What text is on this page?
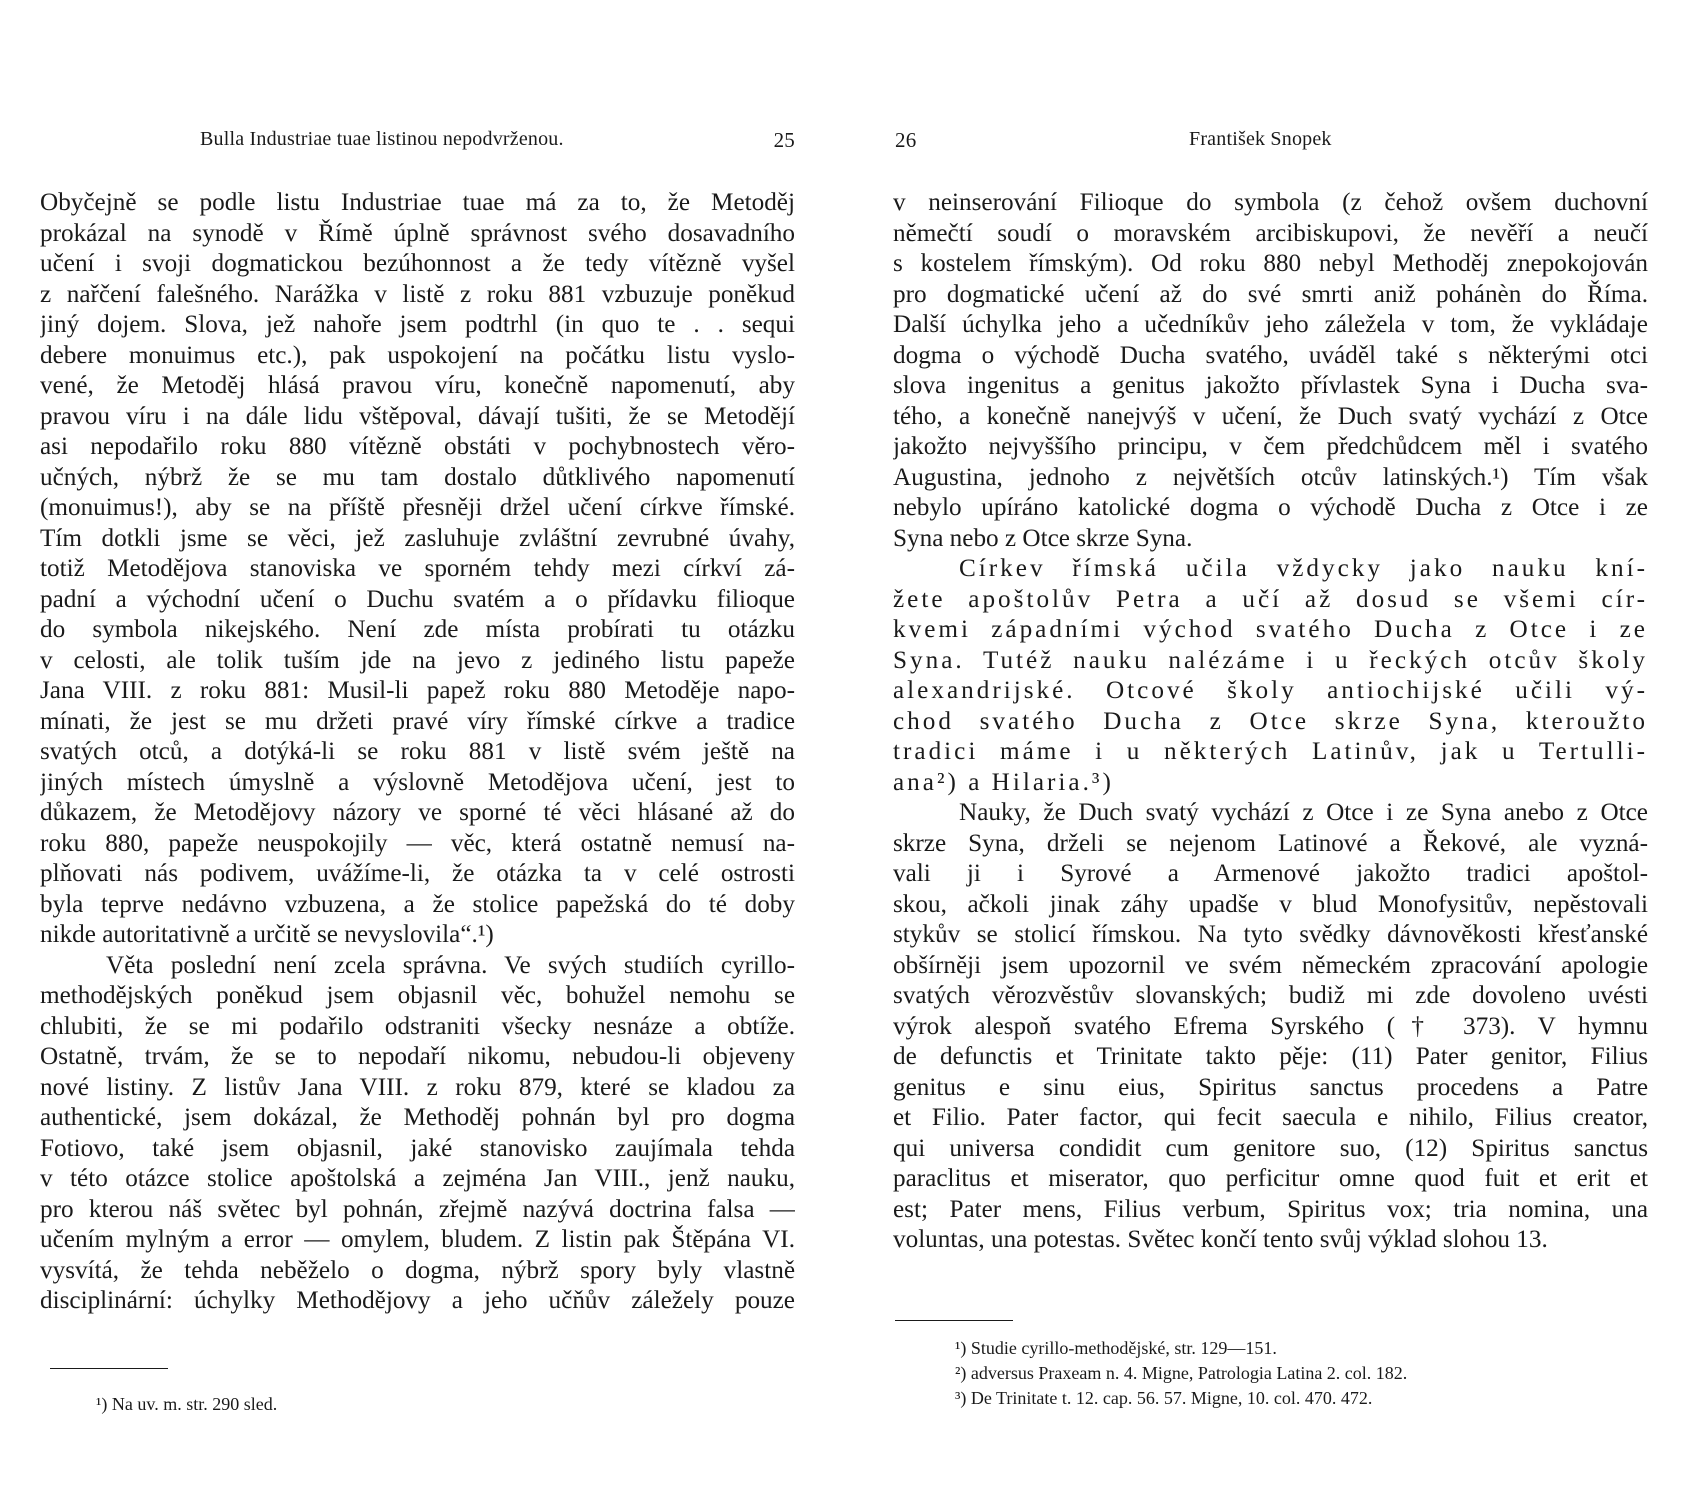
Bulla Industriae tuae listinou nepodvrženou.	25
Obyčejně se podle listu Industriae tuae má za to, že Metoděj
prokázal na synodě v Římě úplně správnost svého dosavadního
učení i svoji dogmatickou bezúhonnost a že tedy vítězně vyšel
z nařčení falešného. Narážka v listě z roku 881 vzbuzuje poněkud
jiný dojem. Slova, jež nahoře jsem podtrhl (in quo te . . sequi
debere monuimus etc.), pak uspokojení na počátku listu vyslo-
vené, že Metoděj hlásá pravou víru, konečně napomenutí, aby
pravou víru i na dále lidu vštěpoval, dávají tušiti, že se Metodějí
asi nepodařilo roku 880 vítězně obstáti v pochybnostech věro-
učných, nýbrž že se mu tam dostalo důtklivého napomenutí
(monuimus!), aby se na příště přesněji držel učení církve římské.
Tím dotkli jsme se věci, jež zasluhuje zvláštní zevrubné úvahy,
totiž Metodějova stanoviska ve sporném tehdy mezi církví zá-
padní a východní učení o Duchu svatém a o přídavku filioque
do symbola nikejského. Není zde místa probírati tu otázku
v celosti, ale tolik tuším jde na jevo z jediného listu papeže
Jana VIII. z roku 881: Musil-li papež roku 880 Metoděje napo-
mínati, že jest se mu držeti pravé víry římské církve a tradice
svatých otců, a dotýká-li se roku 881 v listě svém ještě na
jiných místech úmyslně a výslovně Metodějova učení, jest to
důkazem, že Metodějovy názory ve sporné té věci hlásané až do
roku 880, papeže neuspokojily — věc, která ostatně nemusí na-
plňovati nás podivem, uvážíme-li, že otázka ta v celé ostrosti
byla teprve nedávno vzbuzena, a že stolice papežská do té doby
nikde autoritativně a určitě se nevyslovila“.¹)
Věta poslední není zcela správna. Ve svých studiích cyrillo-
methodějských poněkud jsem objasnil věc, bohužel nemohu se
chlubiti, že se mi podařilo odstraniti všecky nesnáze a obtíže.
Ostatně, trvám, že se to nepodaří nikomu, nebudou-li objeveny
nové listiny. Z listův Jana VIII. z roku 879, které se kladou za
authentické, jsem dokázal, že Methoděj pohnán byl pro dogma
Fotiovo, také jsem objasnil, jaké stanovisko zaujímala tehda
v této otázce stolice apoštolská a zejména Jan VIII., jenž nauku,
pro kterou náš světec byl pohnán, zřejmě nazývá doctrina falsa —
učením mylným a error — omylem, bludem. Z listin pak Štěpána VI.
vysvítá, že tehda neběželo o dogma, nýbrž spory byly vlastně
disciplinární: úchylky Methodějovy a jeho učňův záležely pouze
¹) Na uv. m. str. 290 sled.
26	František Snopek
v neinserování Filioque do symbola (z čehož ovšem duchovní
němečtí soudí o moravském arcibiskupovi, že nevěří a neučí
s kostelem římským). Od roku 880 nebyl Methoděj znepokojován
pro dogmatické učení až do své smrti aniž pohánèn do Říma.
Další úchylka jeho a učedníkův jeho záležela v tom, že vykládaje
dogma o východě Ducha svatého, uváděl také s některými otci
slova ingenitus a genitus jakožto přívlastek Syna i Ducha sva-
tého, a konečně nanejvýš v učení, že Duch svatý vychází z Otce
jakožto nejvyššího principu, v čem předchůdcem měl i svatého
Augustina, jednoho z největších otcův latinských.¹) Tím však
nebylo upíráno katolické dogma o východě Ducha z Otce i ze
Syna nebo z Otce skrze Syna.
Církev římská učila vždycky jako nauku kní-
žete apoštolův Petra a učí až dosud se všemi cír-
kvemi západními východ svatého Ducha z Otce i ze
Syna. Tutéž nauku nalézáme i u řeckých otcův školy
alexandrijské. Otcové školy antiochijské učili vý-
chod svatého Ducha z Otce skrze Syna, kteroužto
tradici máme i u některých Latinův, jak u Tertulli-
ana²) a Hilaria.³)
Nauky, že Duch svatý vychází z Otce i ze Syna anebo z Otce
skrze Syna, drželi se nejenom Latinové a Řekové, ale vyzná-
vali ji i Syrové a Armenové jakožto tradici apoštol-
skou, ačkoli jinak záhy upadše v blud Monofysitův, nepěstovali
stykův se stolicí římskou. Na tyto svědky dávnověkosti křesťanské
obšírněji jsem upozornil ve svém německém zpracování apologie
svatých věrozvěstův slovanských; budiž mi zde dovoleno uvésti
výrok alespoň svatého Efrema Syrského († 373). V hymnu
de defunctis et Trinitate takto pěje: (11) Pater genitor, Filius
genitus e sinu eius, Spiritus sanctus procedens a Patre
et Filio. Pater factor, qui fecit saecula e nihilo, Filius creator,
qui universa condidit cum genitore suo, (12) Spiritus sanctus
paraclitus et miserator, quo perficitur omne quod fuit et erit et
est; Pater mens, Filius verbum, Spiritus vox; tria nomina, una
voluntas, una potestas. Světec končí tento svůj výklad slohou 13.
¹) Studie cyrillo-methodějské, str. 129—151.
²) adversus Praxeam n. 4. Migne, Patrologia Latina 2. col. 182.
³) De Trinitate t. 12. cap. 56. 57. Migne, 10. col. 470. 472.
